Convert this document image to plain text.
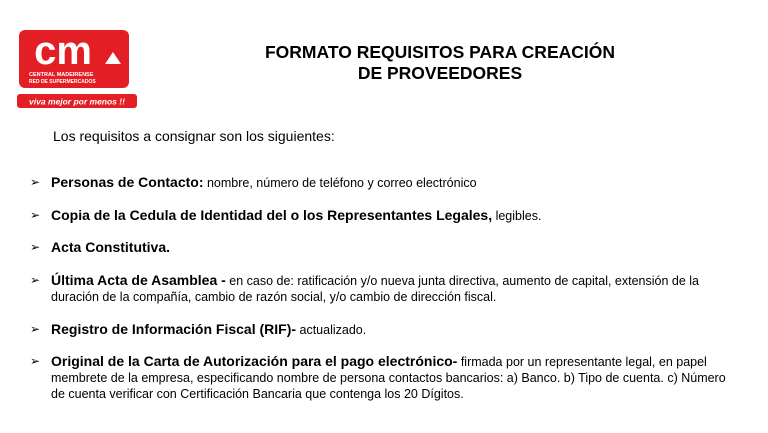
cm
CENTRAL MADEIRENSE
RED DE SUPERMERCADOS
viva mejor por menos !!
FORMATO REQUISITOS PARA CREACIÓN
DE PROVEEDORES
Los requisitos a consignar son los siguientes:
➢ Personas de Contacto: nombre, número de teléfono y correo electrónico
➢ Copia de la Cedula de Identidad del o los Representantes Legales, legibles.
➢ Acta Constitutiva.
➢ Última Acta de Asamblea - en caso de: ratificación y/o nueva junta directiva, aumento de capital, extensión de la duración de la compañía, cambio de razón social, y/o cambio de dirección fiscal.
➢ Registro de Información Fiscal (RIF)- actualizado.
➢ Original de la Carta de Autorización para el pago electrónico- firmada por un representante legal, en papel membrete de la empresa, especificando nombre de persona contactos bancarios: a) Banco. b) Tipo de cuenta. c) Número de cuenta verificar con Certificación Bancaria que contenga los 20 Dígitos.
